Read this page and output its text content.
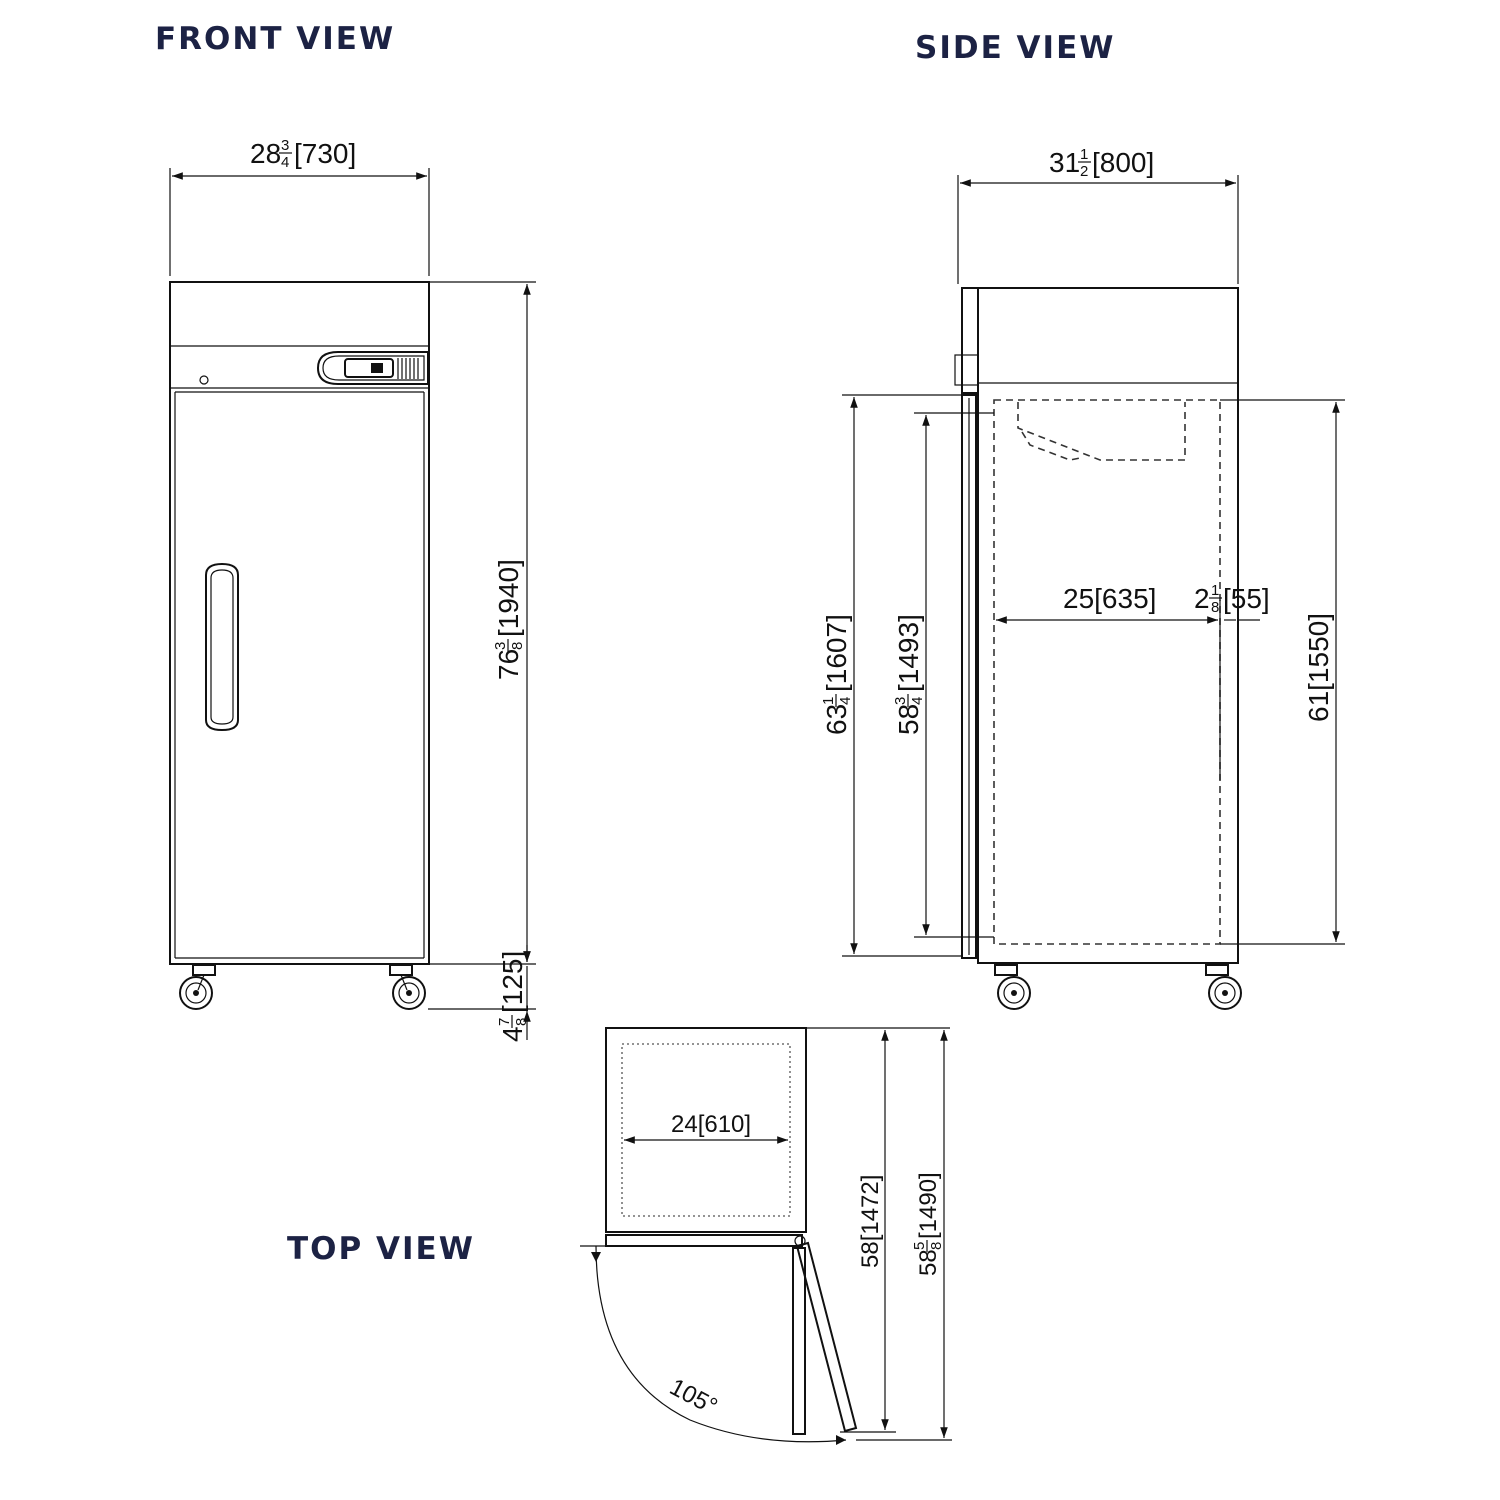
FRONT VIEW	SIDE VIEW
TOP VIEW
28 3
4 [730]
76
3 8
[1940]
4
7 8
[125]
31 1
2 [800]
25[635] 2 1
8 [55]
63
1 4
[1607]
58
3 4
[1493]	61[1550]
24[610]
105°
58[1472] 58
5 8
[1490]
